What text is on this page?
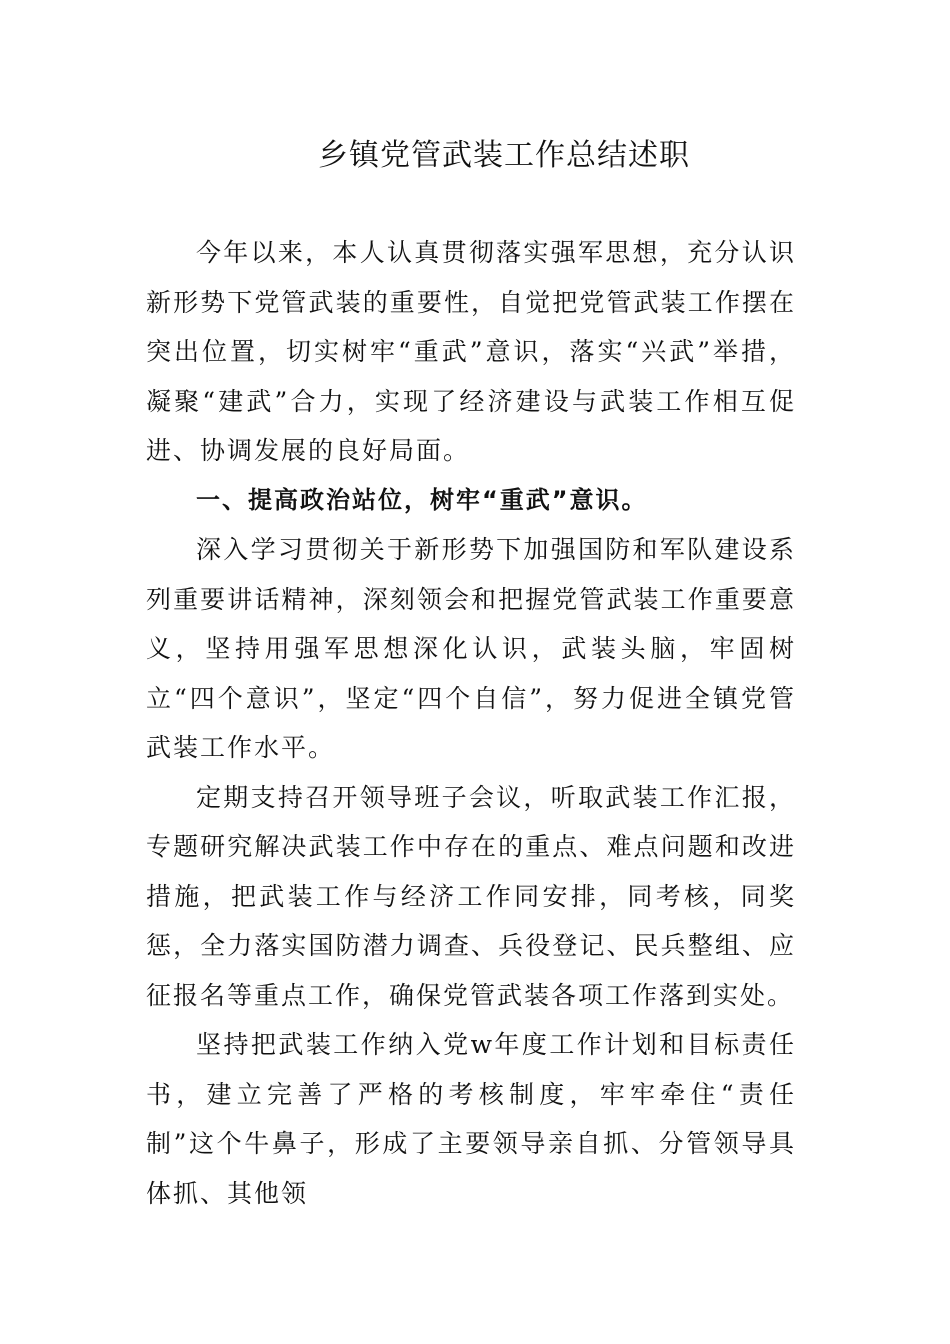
乡镇党管武装工作总结述职

今年以来，本人认真贯彻落实强军思想，充分认识新形势下党管武装的重要性，自觉把党管武装工作摆在突出位置，切实树牢“重武”意识，落实“兴武”举措，凝聚“建武”合力，实现了经济建设与武装工作相互促进、协调发展的良好局面。

一、提高政治站位，树牢“重武”意识。

深入学习贯彻关于新形势下加强国防和军队建设系列重要讲话精神，深刻领会和把握党管武装工作重要意义，坚持用强军思想深化认识，武装头脑，牢固树立“四个意识”，坚定“四个自信”，努力促进全镇党管武装工作水平。

定期支持召开领导班子会议，听取武装工作汇报，专题研究解决武装工作中存在的重点、难点问题和改进措施，把武装工作与经济工作同安排，同考核，同奖惩，全力落实国防潜力调查、兵役登记、民兵整组、应征报名等重点工作，确保党管武装各项工作落到实处。

坚持把武装工作纳入党w年度工作计划和目标责任书，建立完善了严格的考核制度，牢牢牵住“责任制”这个牛鼻子，形成了主要领导亲自抓、分管领导具体抓、其他领
